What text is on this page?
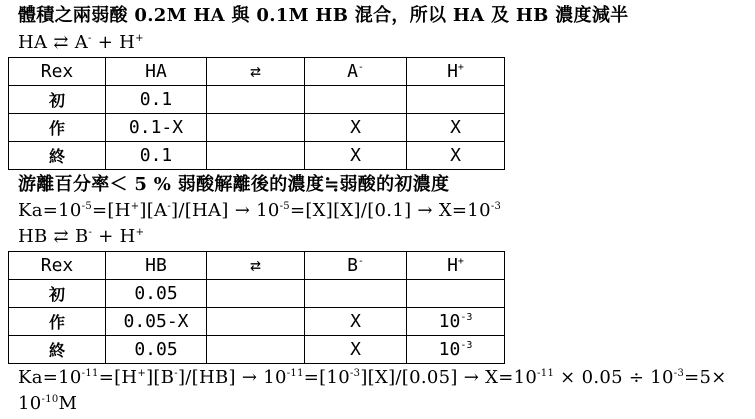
體積之兩弱酸 0.2M HA 與 0.1M HB 混合，所以 HA 及 HB 濃度減半
HA ⇄ A- + H+
Rex	HA	⇄	A-	H+
初	0.1			
作	0.1-X		X	X
終	0.1		X	X
游離百分率＜ 5 % 弱酸解離後的濃度≒弱酸的初濃度
$Ka=10^{-5}=[H^+][A^-]/[HA] \to 10^{-5}=[X][X]/[0.1] \to X=10^{-3}$
HB ⇄ B- + H+
Rex	HB	⇄	B-	H+
初	0.05			
作	0.05-X		X	$10^{-3}$
終	0.05		X	$10^{-3}$
$Ka=10^{-11}=[H^+][B^-]/[HB] \to 10^{-11}=[10^{-3}][X]/[0.05] \to X=10^{-11} \times 0.05 \div 10^{-3}=5\times$
$10^{-10}M$
